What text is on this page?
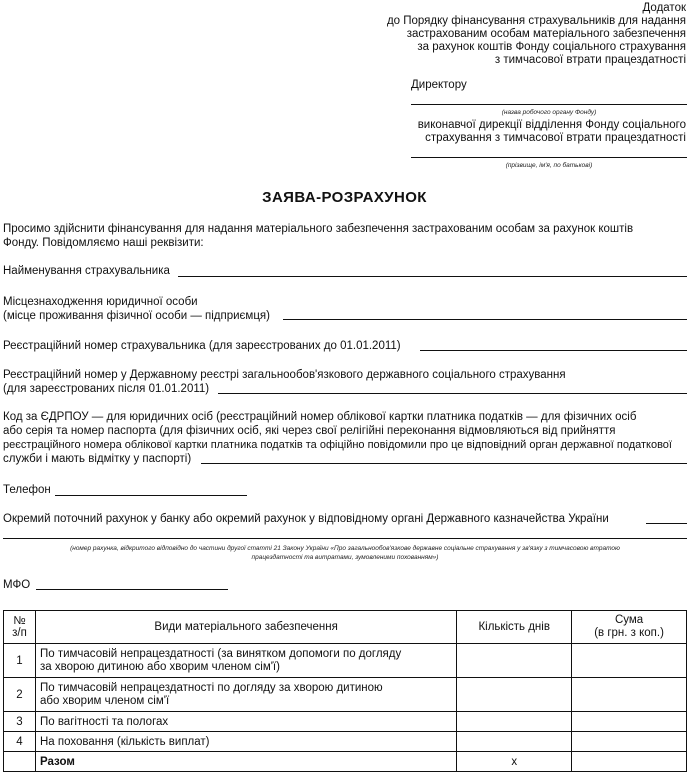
Додаток
до Порядку фінансування страхувальників для надання
застрахованим особам матеріального забезпечення
за рахунок коштів Фонду соціального страхування
з тимчасової втрати працездатності
Директору
(назва робочого органу Фонду)
виконавчої дирекції відділення Фонду соціального
страхування з тимчасової втрати працездатності
(прізвище, ім'я, по батькові)
ЗАЯВА-РОЗРАХУНОК
Просимо здійснити фінансування для надання матеріального забезпечення застрахованим особам за рахунок коштів
Фонду. Повідомляємо наші реквізити:
Найменування страхувальника
Місцезнаходження юридичної особи
(місце проживання фізичної особи — підприємця)
Реєстраційний номер страхувальника (для зареєстрованих до 01.01.2011)
Реєстраційний номер у Державному реєстрі загальнообов'язкового державного соціального страхування
(для зареєстрованих після 01.01.2011)
Код за ЄДРПОУ — для юридичних осіб (реєстраційний номер облікової картки платника податків — для фізичних осіб
або серія та номер паспорта (для фізичних осіб, які через свої релігійні переконання відмовляються від прийняття
реєстраційного номера облікової картки платника податків та офіційно повідомили про це відповідний орган державної податкової
служби і мають відмітку у паспорті)
Телефон
Окремий поточний рахунок у банку або окремий рахунок у відповідному органі Державного казначейства України
(номер рахунка, відкритого відповідно до частини другої статті 21 Закону України «Про загальнообов'язкове державне соціальне страхування у зв'язку з тимчасовою втратою
працездатності та витратами, зумовленими похованням»)
МФО
№ з/п	Види матеріального забезпечення	Кількість днів	Сума
(в грн. з коп.)

1	По тимчасовій непрацездатності (за винятком допомоги по догляду
за хворою дитиною або хворим членом сім'ї)		

2	По тимчасовій непрацездатності по догляду за хворою дитиною
або хворим членом сім'ї		

3	По вагітності та пологах		
4	На поховання (кількість виплат)		
	Разом	x	
